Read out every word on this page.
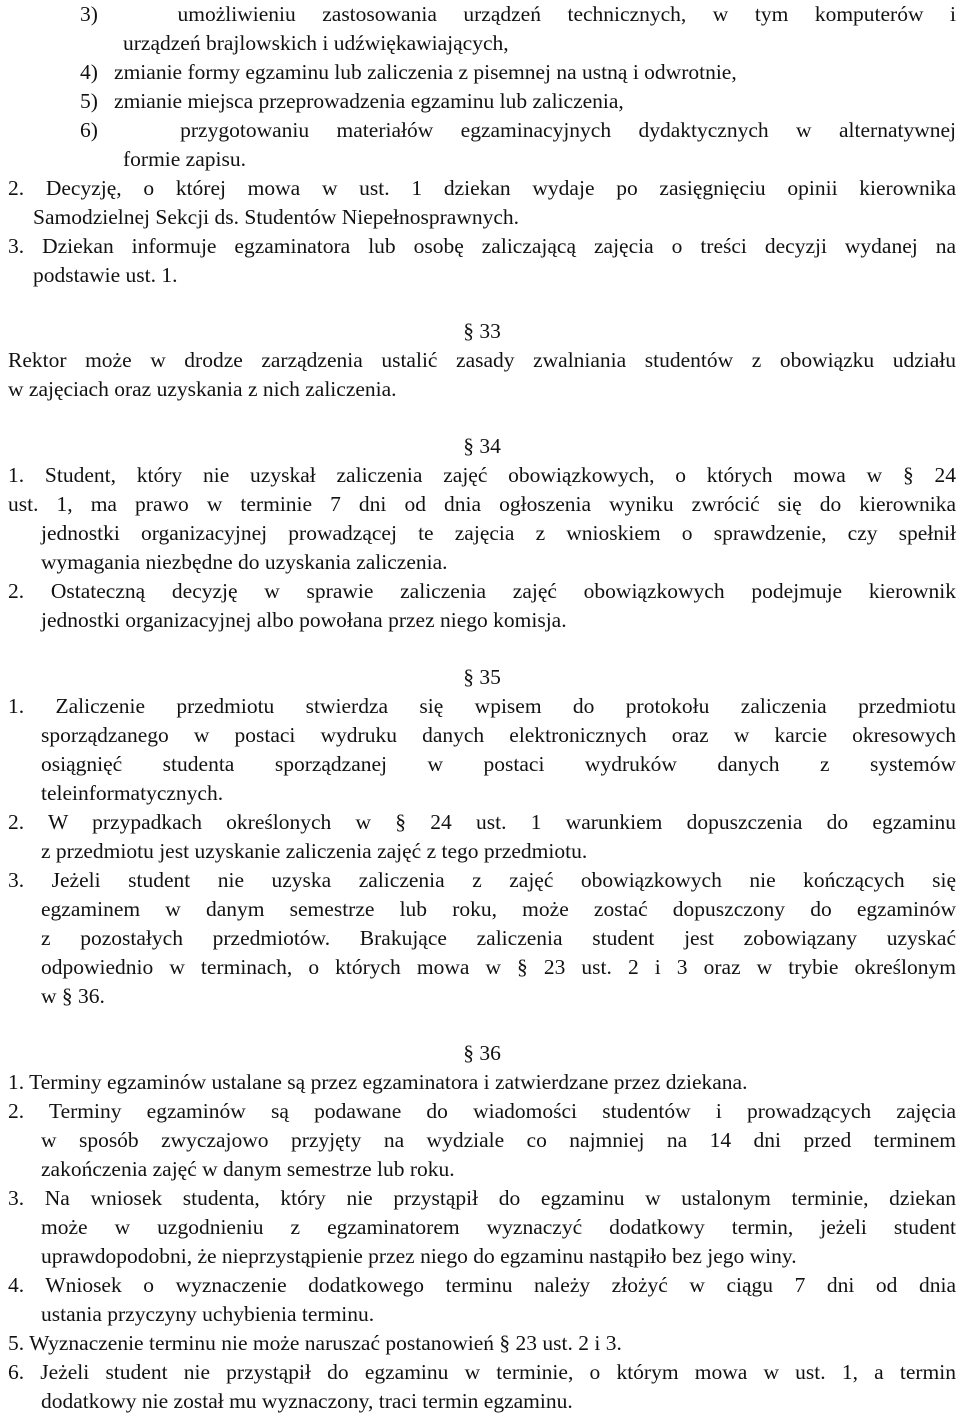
3)   umożliwieniu zastosowania urządzeń technicznych, w tym komputerów i
urządzeń brajlowskich i udźwiękawiających,
4)   zmianie formy egzaminu lub zaliczenia z pisemnej na ustną i odwrotnie,
5)   zmianie miejsca przeprowadzenia egzaminu lub zaliczenia,
6)   przygotowaniu materiałów egzaminacyjnych dydaktycznych w alternatywnej
formie zapisu.
2. Decyzję, o której mowa w ust. 1 dziekan wydaje po zasięgnięciu opinii kierownika
Samodzielnej Sekcji ds. Studentów Niepełnosprawnych.
3. Dziekan informuje egzaminatora lub osobę zaliczającą zajęcia o treści decyzji wydanej na
podstawie ust. 1.
§ 33
Rektor może w drodze zarządzenia ustalić zasady zwalniania studentów z obowiązku udziału
w zajęciach oraz uzyskania z nich zaliczenia.
§ 34
1. Student, który nie uzyskał zaliczenia zajęć obowiązkowych, o których mowa w § 24
ust. 1, ma prawo w terminie 7 dni od dnia ogłoszenia wyniku zwrócić się do kierownika
jednostki organizacyjnej prowadzącej te zajęcia z wnioskiem o sprawdzenie, czy spełnił
wymagania niezbędne do uzyskania zaliczenia.
2. Ostateczną decyzję w sprawie zaliczenia zajęć obowiązkowych podejmuje kierownik
jednostki organizacyjnej albo powołana przez niego komisja.
§ 35
1. Zaliczenie przedmiotu stwierdza się wpisem do protokołu zaliczenia przedmiotu
sporządzanego w postaci wydruku danych elektronicznych oraz w karcie okresowych
osiągnięć studenta sporządzanej w postaci wydruków danych z systemów
teleinformatycznych.
2. W przypadkach określonych w § 24 ust. 1 warunkiem dopuszczenia do egzaminu
z przedmiotu jest uzyskanie zaliczenia zajęć z tego przedmiotu.
3. Jeżeli student nie uzyska zaliczenia z zajęć obowiązkowych nie kończących się
egzaminem w danym semestrze lub roku, może zostać dopuszczony do egzaminów
z pozostałych przedmiotów. Brakujące zaliczenia student jest zobowiązany uzyskać
odpowiednio w terminach, o których mowa w § 23 ust. 2 i 3 oraz w trybie określonym
w § 36.
§ 36
1. Terminy egzaminów ustalane są przez egzaminatora i zatwierdzane przez dziekana.
2. Terminy egzaminów są podawane do wiadomości studentów i prowadzących zajęcia
w sposób zwyczajowo przyjęty na wydziale co najmniej na 14 dni przed terminem
zakończenia zajęć w danym semestrze lub roku.
3. Na wniosek studenta, który nie przystąpił do egzaminu w ustalonym terminie, dziekan
może w uzgodnieniu z egzaminatorem wyznaczyć dodatkowy termin, jeżeli student
uprawdopodobni, że nieprzystąpienie przez niego do egzaminu nastąpiło bez jego winy.
4. Wniosek o wyznaczenie dodatkowego terminu należy złożyć w ciągu 7 dni od dnia
ustania przyczyny uchybienia terminu.
5. Wyznaczenie terminu nie może naruszać postanowień § 23 ust. 2 i 3.
6. Jeżeli student nie przystąpił do egzaminu w terminie, o którym mowa w ust. 1, a termin
dodatkowy nie został mu wyznaczony, traci termin egzaminu.
